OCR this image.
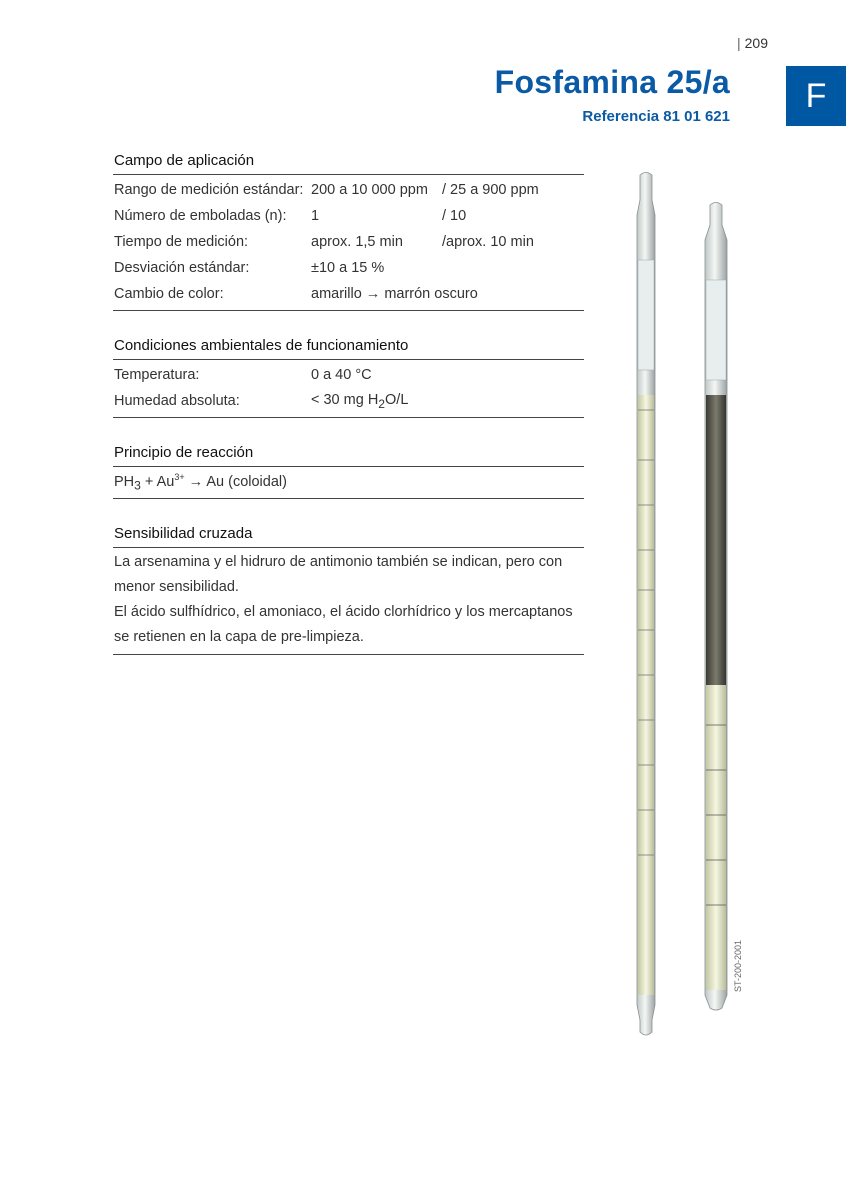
| 209
F
Fosfamina 25/a
Referencia 81 01 621
Campo de aplicación
Rango de medición estándar: 200 a 10 000 ppm / 25 a 900 ppm
Número de emboladas (n):	1	/ 10
Tiempo de medición:	aprox. 1,5 min	/aprox. 10 min
Desviación estándar:	±10 a 15 %
Cambio de color:	amarillo → marrón oscuro
Condiciones ambientales de funcionamiento
Temperatura:	0 a 40 °C
Humedad absoluta:	< 30 mg $H_2O/L$
Principio de reacción
$PH_3 + Au^{3+} \to Au$ (coloidal)
Sensibilidad cruzada
La arsenamina y el hidruro de antimonio también se indican, pero con menor sensibilidad.
El ácido sulfhídrico, el amoniaco, el ácido clorhídrico y los mercaptanos se retienen en la capa de pre-limpieza.
ST-200-2001
